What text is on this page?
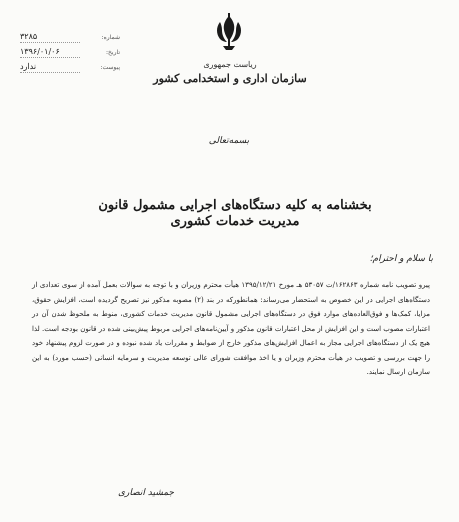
ریاست جمهوری
سازمان اداری و استخدامی کشور
شماره:
۳۲۸۵
تاریخ:
۱۳۹۶/۰۱/۰۶
پیوست:
ندارد
بسمه‌تعالی
بخشنامه به کلیه دستگاه‌های اجرایی مشمول قانون مدیریت خدمات کشوری
با سلام و احترام؛

پیرو تصویب نامه شماره ۱۶۲۸۶۳/ت ۵۳۰۵۷ هـ مورخ ۱۳۹۵/۱۲/۲۱ هیأت محترم وزیران و با توجه به سوالات بعمل آمده از سوی تعدادی از دستگاه‌های اجرایی در این خصوص به استحضار می‌رساند: همانطورکه در بند (۲) مصوبه مذکور نیز تصریح گردیده است، افزایش حقوق، مزایا، کمک‌ها و فوق‌العاده‌های موارد فوق در دستگاه‌های اجرایی مشمول قانون مدیریت خدمات کشوری، منوط به ملحوظ شدن آن در اعتبارات مصوب است و این افزایش از محل اعتبارات قانون مذکور و آیین‌نامه‌های اجرایی مربوط پیش‌بینی شده در قانون بودجه است. لذا هیچ یک از دستگاه‌های اجرایی مجاز به اعمال افزایش‌های مذکور خارج از ضوابط و مقررات یاد شده نبوده و در صورت لزوم پیشنهاد خود را جهت بررسی و تصویب در هیأت محترم وزیران و یا اخذ موافقت شورای عالی توسعه مدیریت و سرمایه انسانی (حسب مورد) به این سازمان ارسال نمایند.

جمشید انصاری
